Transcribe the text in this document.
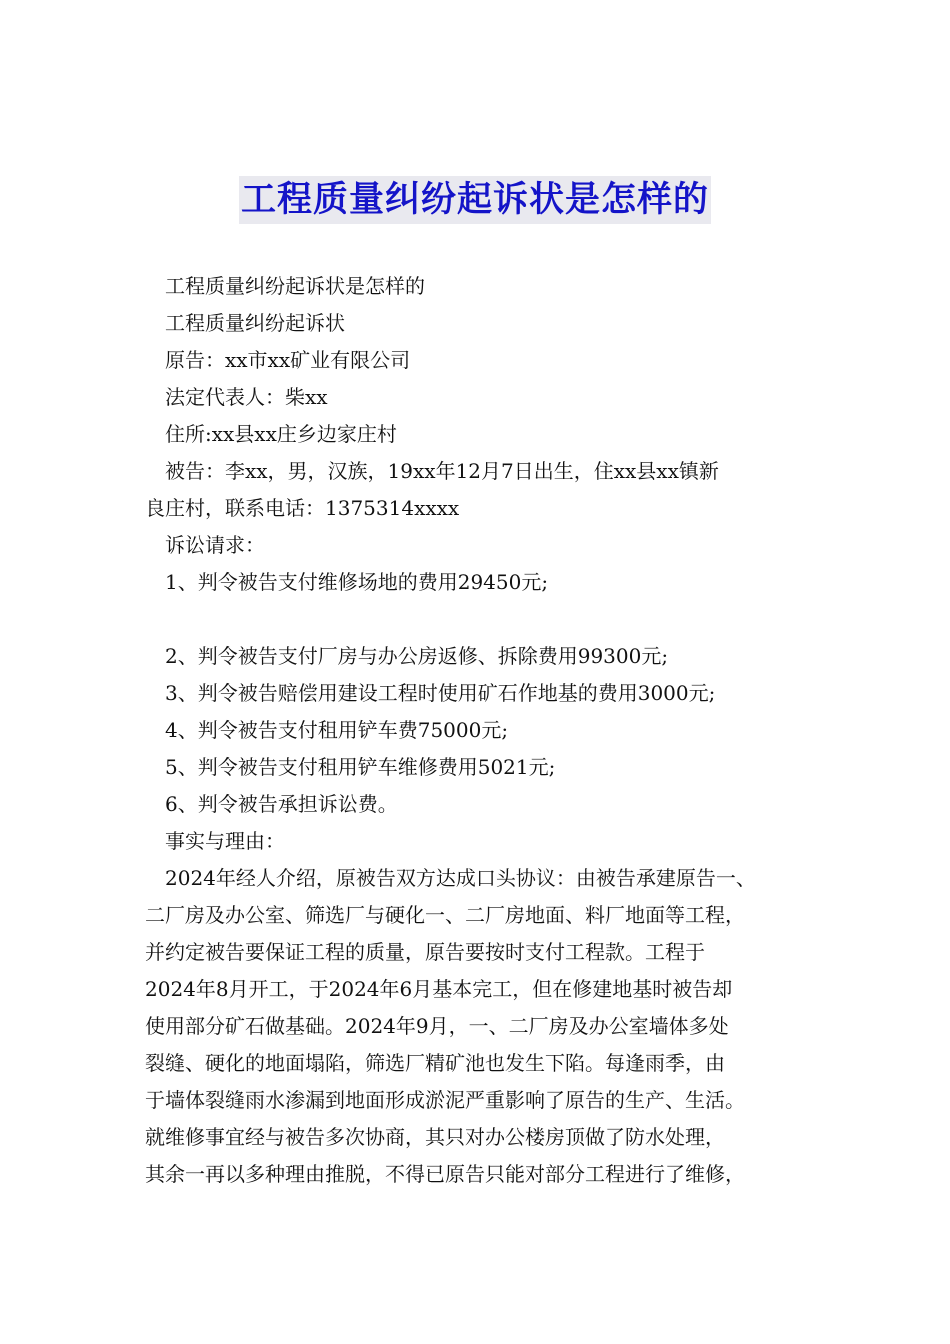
工程质量纠纷起诉状是怎样的
工程质量纠纷起诉状是怎样的
工程质量纠纷起诉状
原告：xx市xx矿业有限公司
法定代表人：柴xx
住所:xx县xx庄乡边家庄村
被告：李xx，男，汉族，19xx年12月7日出生，住xx县xx镇新
良庄村，联系电话：1375314xxxx
诉讼请求：
1、判令被告支付维修场地的费用29450元;
2、判令被告支付厂房与办公房返修、拆除费用99300元;
3、判令被告赔偿用建设工程时使用矿石作地基的费用3000元;
4、判令被告支付租用铲车费75000元;
5、判令被告支付租用铲车维修费用5021元;
6、判令被告承担诉讼费。
事实与理由：
2024年经人介绍，原被告双方达成口头协议：由被告承建原告一、
二厂房及办公室、筛选厂与硬化一、二厂房地面、料厂地面等工程，
并约定被告要保证工程的质量，原告要按时支付工程款。工程于
2024年8月开工，于2024年6月基本完工，但在修建地基时被告却
使用部分矿石做基础。2024年9月，一、二厂房及办公室墙体多处
裂缝、硬化的地面塌陷，筛选厂精矿池也发生下陷。每逢雨季，由
于墙体裂缝雨水渗漏到地面形成淤泥严重影响了原告的生产、生活。
就维修事宜经与被告多次协商，其只对办公楼房顶做了防水处理，
其余一再以多种理由推脱，不得已原告只能对部分工程进行了维修，
